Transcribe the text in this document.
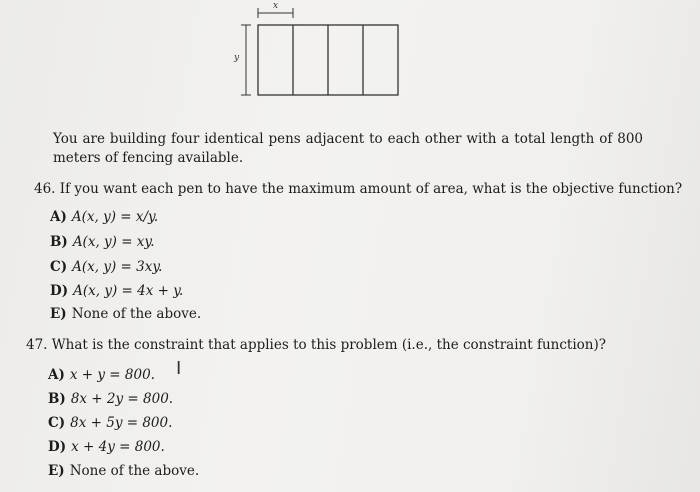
x
y
You are building four identical pens adjacent to each other with a total length of 800 meters of fencing available.
46. If you want each pen to have the maximum amount of area, what is the objective function?
A) A(x, y) = x/y.
B) A(x, y) = xy.
C) A(x, y) = 3xy.
D) A(x, y) = 4x + y.
E) None of the above.
47. What is the constraint that applies to this problem (i.e., the constraint function)?
A) x + y = 800.
B) 8x + 2y = 800.
C) 8x + 5y = 800.
D) x + 4y = 800.
E) None of the above.
I
